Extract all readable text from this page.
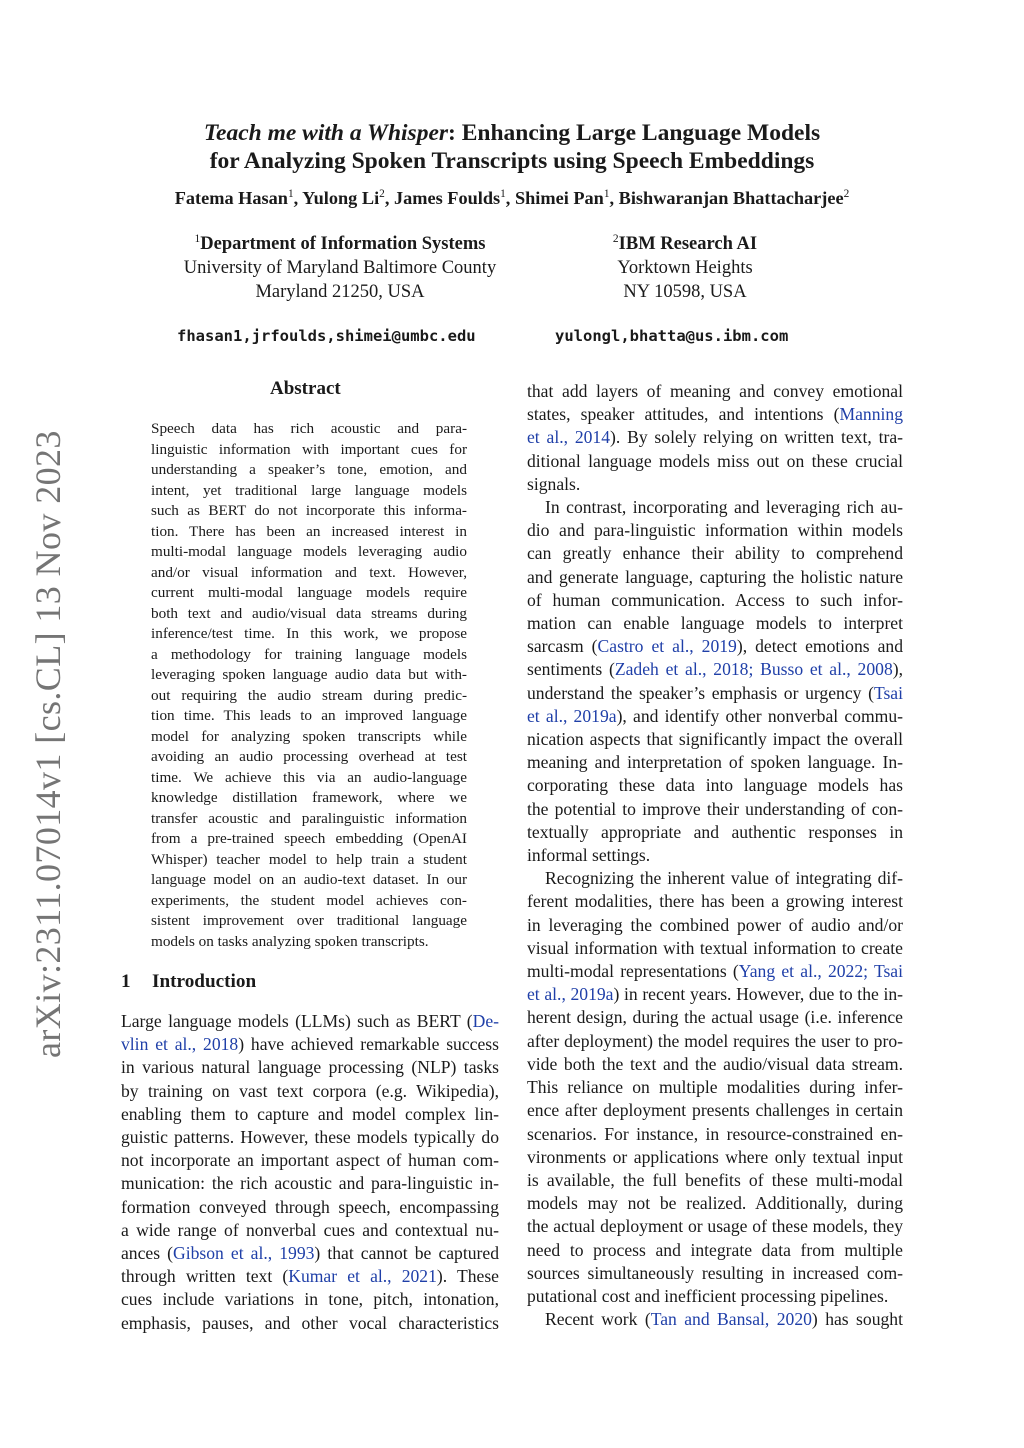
Teach me with a Whisper: Enhancing Large Language Models
for Analyzing Spoken Transcripts using Speech Embeddings
Fatema Hasan$^1$, Yulong Li$^2$, James Foulds$^1$, Shimei Pan$^1$, Bishwaranjan Bhattacharjee$^2$
$^1$Department of Information Systems
University of Maryland Baltimore County
Maryland 21250, USA
$^2$IBM Research AI
Yorktown Heights
NY 10598, USA
fhasan1,jrfoulds,shimei@umbc.edu	yulongl,bhatta@us.ibm.com
arXiv:2311.07014v1 [cs.CL] 13 Nov 2023
Abstract
Speech data has rich acoustic and para-
linguistic information with important cues for
understanding a speaker’s tone, emotion, and
intent, yet traditional large language models
such as BERT do not incorporate this informa-
tion. There has been an increased interest in
multi-modal language models leveraging audio
and/or visual information and text. However,
current multi-modal language models require
both text and audio/visual data streams during
inference/test time. In this work, we propose
a methodology for training language models
leveraging spoken language audio data but with-
out requiring the audio stream during predic-
tion time. This leads to an improved language
model for analyzing spoken transcripts while
avoiding an audio processing overhead at test
time. We achieve this via an audio-language
knowledge distillation framework, where we
transfer acoustic and paralinguistic information
from a pre-trained speech embedding (OpenAI
Whisper) teacher model to help train a student
language model on an audio-text dataset. In our
experiments, the student model achieves con-
sistent improvement over traditional language
models on tasks analyzing spoken transcripts.
1 Introduction
Large language models (LLMs) such as BERT (De-
vlin et al., 2018) have achieved remarkable success
in various natural language processing (NLP) tasks
by training on vast text corpora (e.g. Wikipedia),
enabling them to capture and model complex lin-
guistic patterns. However, these models typically do
not incorporate an important aspect of human com-
munication: the rich acoustic and para-linguistic in-
formation conveyed through speech, encompassing
a wide range of nonverbal cues and contextual nu-
ances (Gibson et al., 1993) that cannot be captured
through written text (Kumar et al., 2021). These
cues include variations in tone, pitch, intonation,
emphasis, pauses, and other vocal characteristics
that add layers of meaning and convey emotional
states, speaker attitudes, and intentions (Manning
et al., 2014). By solely relying on written text, tra-
ditional language models miss out on these crucial
signals.
In contrast, incorporating and leveraging rich au-
dio and para-linguistic information within models
can greatly enhance their ability to comprehend
and generate language, capturing the holistic nature
of human communication. Access to such infor-
mation can enable language models to interpret
sarcasm (Castro et al., 2019), detect emotions and
sentiments (Zadeh et al., 2018; Busso et al., 2008),
understand the speaker’s emphasis or urgency (Tsai
et al., 2019a), and identify other nonverbal commu-
nication aspects that significantly impact the overall
meaning and interpretation of spoken language. In-
corporating these data into language models has
the potential to improve their understanding of con-
textually appropriate and authentic responses in
informal settings.
Recognizing the inherent value of integrating dif-
ferent modalities, there has been a growing interest
in leveraging the combined power of audio and/or
visual information with textual information to create
multi-modal representations (Yang et al., 2022; Tsai
et al., 2019a) in recent years. However, due to the in-
herent design, during the actual usage (i.e. inference
after deployment) the model requires the user to pro-
vide both the text and the audio/visual data stream.
This reliance on multiple modalities during infer-
ence after deployment presents challenges in certain
scenarios. For instance, in resource-constrained en-
vironments or applications where only textual input
is available, the full benefits of these multi-modal
models may not be realized. Additionally, during
the actual deployment or usage of these models, they
need to process and integrate data from multiple
sources simultaneously resulting in increased com-
putational cost and inefficient processing pipelines.
Recent work (Tan and Bansal, 2020) has sought
